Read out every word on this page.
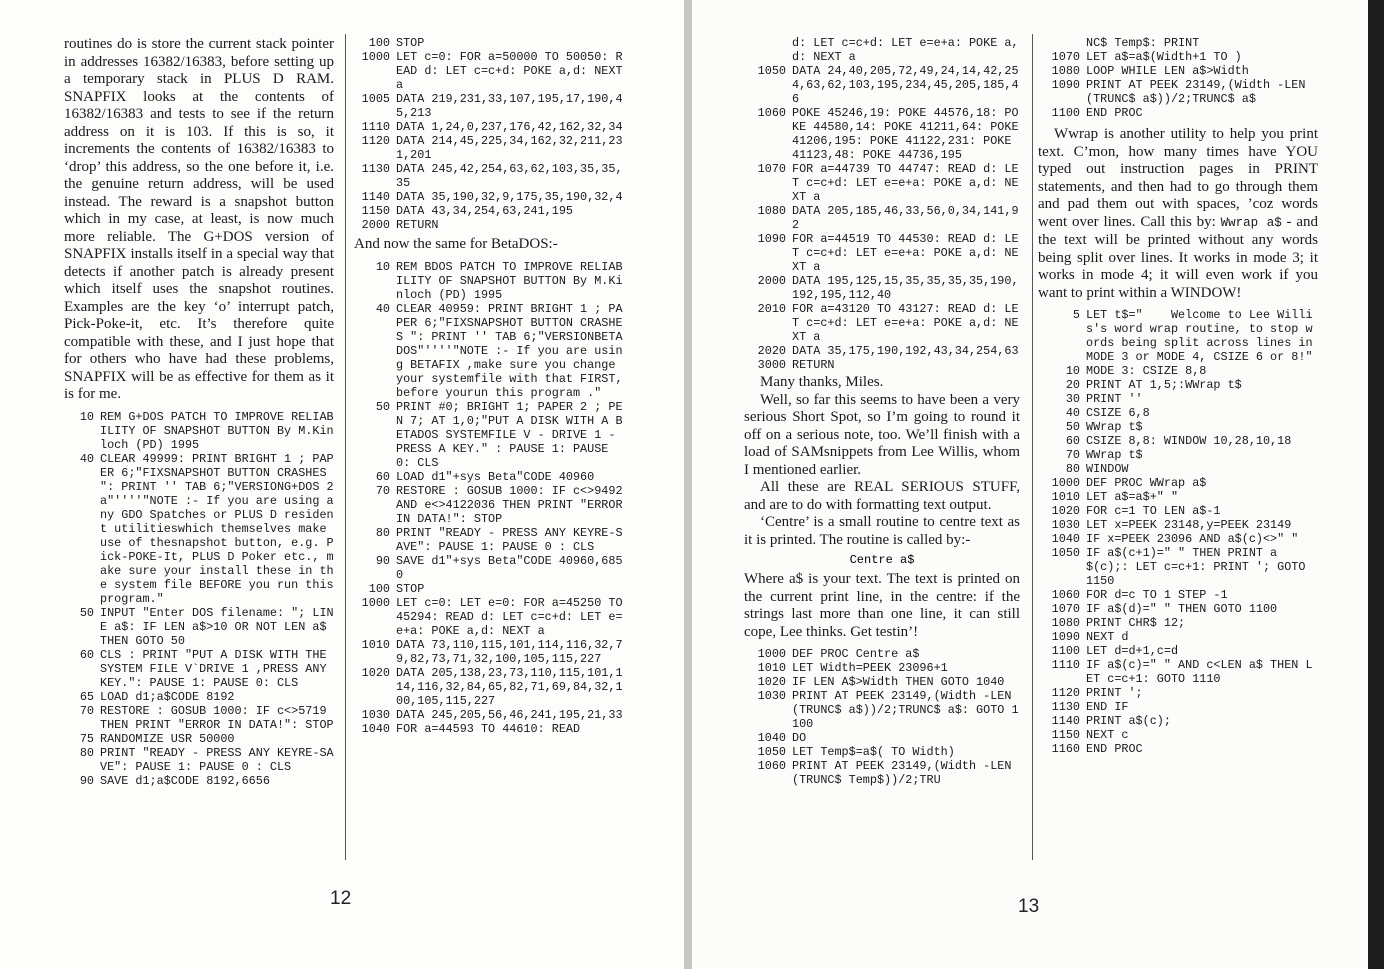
routines do is store the current stack pointer in addresses 16382/16383, before setting up a temporary stack in PLUS D RAM. SNAPFIX looks at the contents of 16382/16383 and tests to see if the return address on it is 103. If this is so, it increments the contents of 16382/16383 to ‘drop’ this address, so the one before it, i.e. the genuine return address, will be used instead. The reward is a snapshot button which in my case, at least, is now much more reliable. The G+DOS version of SNAPFIX installs itself in a special way that detects if another patch is already present which itself uses the snapshot routines. Examples are the key ‘o’ interrupt patch, Pick-Poke-it, etc. It’s therefore quite compatible with these, and I just hope that for others who have had these problems, SNAPFIX will be as effective for them as it is for me.

10 REM G+DOS PATCH TO IMPROVE RELIABILITY OF SNAPSHOT BUTTON By M.Kinloch (PD) 1995
40 CLEAR 49999: PRINT BRIGHT 1 ; PAPER 6;"FIXSNAPSHOT BUTTON CRASHES ": PRINT '' TAB 6;"VERSIONG+DOS 2a"''''"NOTE :- If you are using any GDO Spatches or PLUS D resident utilitieswhich themselves make use of thesnapshot button, e.g. Pick-POKE-It, PLUS D Poker etc., make sure your install these in the system file BEFORE you run this program."
50 INPUT "Enter DOS filename: "; LINE a$: IF LEN a$>10 OR NOT LEN a$ THEN GOTO 50
60 CLS : PRINT "PUT A DISK WITH THE SYSTEM FILE V`DRIVE 1 ,PRESS ANY KEY.": PAUSE 1: PAUSE 0: CLS
65 LOAD d1;a$CODE 8192
70 RESTORE : GOSUB 1000: IF c<>5719 THEN PRINT "ERROR IN DATA!": STOP
75 RANDOMIZE USR 50000
80 PRINT "READY - PRESS ANY KEYRE-SAVE": PAUSE 1: PAUSE 0 : CLS
90 SAVE d1;a$CODE 8192,6656
100 STOP
1000 LET c=0: FOR a=50000 TO 50050: READ d: LET c=c+d: POKE a,d: NEXT a
1005 DATA 219,231,33,107,195,17,190,45,213
1110 DATA 1,24,0,237,176,42,162,32,34
1120 DATA 214,45,225,34,162,32,211,231,201
1130 DATA 245,42,254,63,62,103,35,35,35
1140 DATA 35,190,32,9,175,35,190,32,4
1150 DATA 43,34,254,63,241,195
2000 RETURN

And now the same for BetaDOS:-

10 REM BDOS PATCH TO IMPROVE RELIABILITY OF SNAPSHOT BUTTON By M.Kinloch (PD) 1995
40 CLEAR 40959: PRINT BRIGHT 1 ; PAPER 6;"FIXSNAPSHOT BUTTON CRASHES ": PRINT '' TAB 6;"VERSIONBETADOS"''''"NOTE :- If you are using BETAFIX ,make sure you change your systemfile with that FIRST, before yourun this program ."
50 PRINT #0; BRIGHT 1; PAPER 2 ; PEN 7; AT 1,0;"PUT A DISK WITH A BETADOS SYSTEMFILE V - DRIVE 1 - PRESS A KEY." : PAUSE 1: PAUSE 0: CLS
60 LOAD d1"+sys Beta"CODE 40960
70 RESTORE : GOSUB 1000: IF c<>9492 AND e<>4122036 THEN PRINT "ERROR IN DATA!": STOP
80 PRINT "READY - PRESS ANY KEYRE-SAVE": PAUSE 1: PAUSE 0 : CLS
90 SAVE d1"+sys Beta"CODE 40960,6850
100 STOP
1000 LET c=0: LET e=0: FOR a=45250 TO 45294: READ d: LET c=c+d: LET e=e+a: POKE a,d: NEXT a
1010 DATA 73,110,115,101,114,116,32,79,82,73,71,32,100,105,115,227
1020 DATA 205,138,23,73,110,115,101,114,116,32,84,65,82,71,69,84,32,100,105,115,227
1030 DATA 245,205,56,46,241,195,21,33
1040 FOR a=44593 TO 44610: READ
12
d: LET c=c+d: LET e=e+a: POKE a,d: NEXT a
1050 DATA 24,40,205,72,49,24,14,42,254,63,62,103,195,234,45,205,185,46
1060 POKE 45246,19: POKE 44576,18: POKE 44580,14: POKE 41211,64: POKE 41206,195: POKE 41122,231: POKE 41123,48: POKE 44736,195
1070 FOR a=44739 TO 44747: READ d: LET c=c+d: LET e=e+a: POKE a,d: NEXT a
1080 DATA 205,185,46,33,56,0,34,141,92
1090 FOR a=44519 TO 44530: READ d: LET c=c+d: LET e=e+a: POKE a,d: NEXT a
2000 DATA 195,125,15,35,35,35,35,190,192,195,112,40
2010 FOR a=43120 TO 43127: READ d: LET c=c+d: LET e=e+a: POKE a,d: NEXT a
2020 DATA 35,175,190,192,43,34,254,63
3000 RETURN

Many thanks, Miles.

Well, so far this seems to have been a very serious Short Spot, so I’m going to round it off on a serious note, too. We’ll finish with a load of SAMsnippets from Lee Willis, whom I mentioned earlier.

All these are REAL SERIOUS STUFF, and are to do with formatting text output.

‘Centre’ is a small routine to centre text as it is printed. The routine is called by:-

Centre a$

Where a$ is your text. The text is printed on the current print line, in the centre: if the strings last more than one line, it can still cope, Lee thinks. Get testin’!

1000 DEF PROC Centre a$
1010 LET Width=PEEK 23096+1
1020 IF LEN A$>Width THEN GOTO 1040
1030 PRINT AT PEEK 23149,(Width -LEN (TRUNC$ a$))/2;TRUNC$ a$: GOTO 1100
1040 DO
1050 LET Temp$=a$( TO Width)
1060 PRINT AT PEEK 23149,(Width -LEN (TRUNC$ Temp$))/2;TRU
NC$ Temp$: PRINT
1070 LET a$=a$(Width+1 TO )
1080 LOOP WHILE LEN a$>Width
1090 PRINT AT PEEK 23149,(Width -LEN (TRUNC$ a$))/2;TRUNC$ a$
1100 END PROC

Wwrap is another utility to help you print text. C’mon, how many times have YOU typed out instruction pages in PRINT statements, and then had to go through them and pad them out with spaces, ’coz words went over lines. Call this by: Wwrap a$ - and the text will be printed without any words being split over lines. It works in mode 3; it works in mode 4; it will even work if you want to print within a WINDOW!

5 LET t$="    Welcome to Lee Willis's word wrap routine, to stop words being split across lines in MODE 3 or MODE 4, CSIZE 6 or 8!"
10 MODE 3: CSIZE 8,8
20 PRINT AT 1,5;:WWrap t$
30 PRINT ''
40 CSIZE 6,8
50 WWrap t$
60 CSIZE 8,8: WINDOW 10,28,10,18
70 WWrap t$
80 WINDOW
1000 DEF PROC WWrap a$
1010 LET a$=a$+" "
1020 FOR c=1 TO LEN a$-1
1030 LET x=PEEK 23148,y=PEEK 23149
1040 IF x=PEEK 23096 AND a$(c)<>" "
1050 IF a$(c+1)=" " THEN PRINT a$(c);: LET c=c+1: PRINT '; GOTO 1150
1060 FOR d=c TO 1 STEP -1
1070 IF a$(d)=" " THEN GOTO 1100
1080 PRINT CHR$ 12;
1090 NEXT d
1100 LET d=d+1,c=d
1110 IF a$(c)=" " AND c<LEN a$ THEN LET c=c+1: GOTO 1110
1120 PRINT ';
1130 END IF
1140 PRINT a$(c);
1150 NEXT c
1160 END PROC
13
